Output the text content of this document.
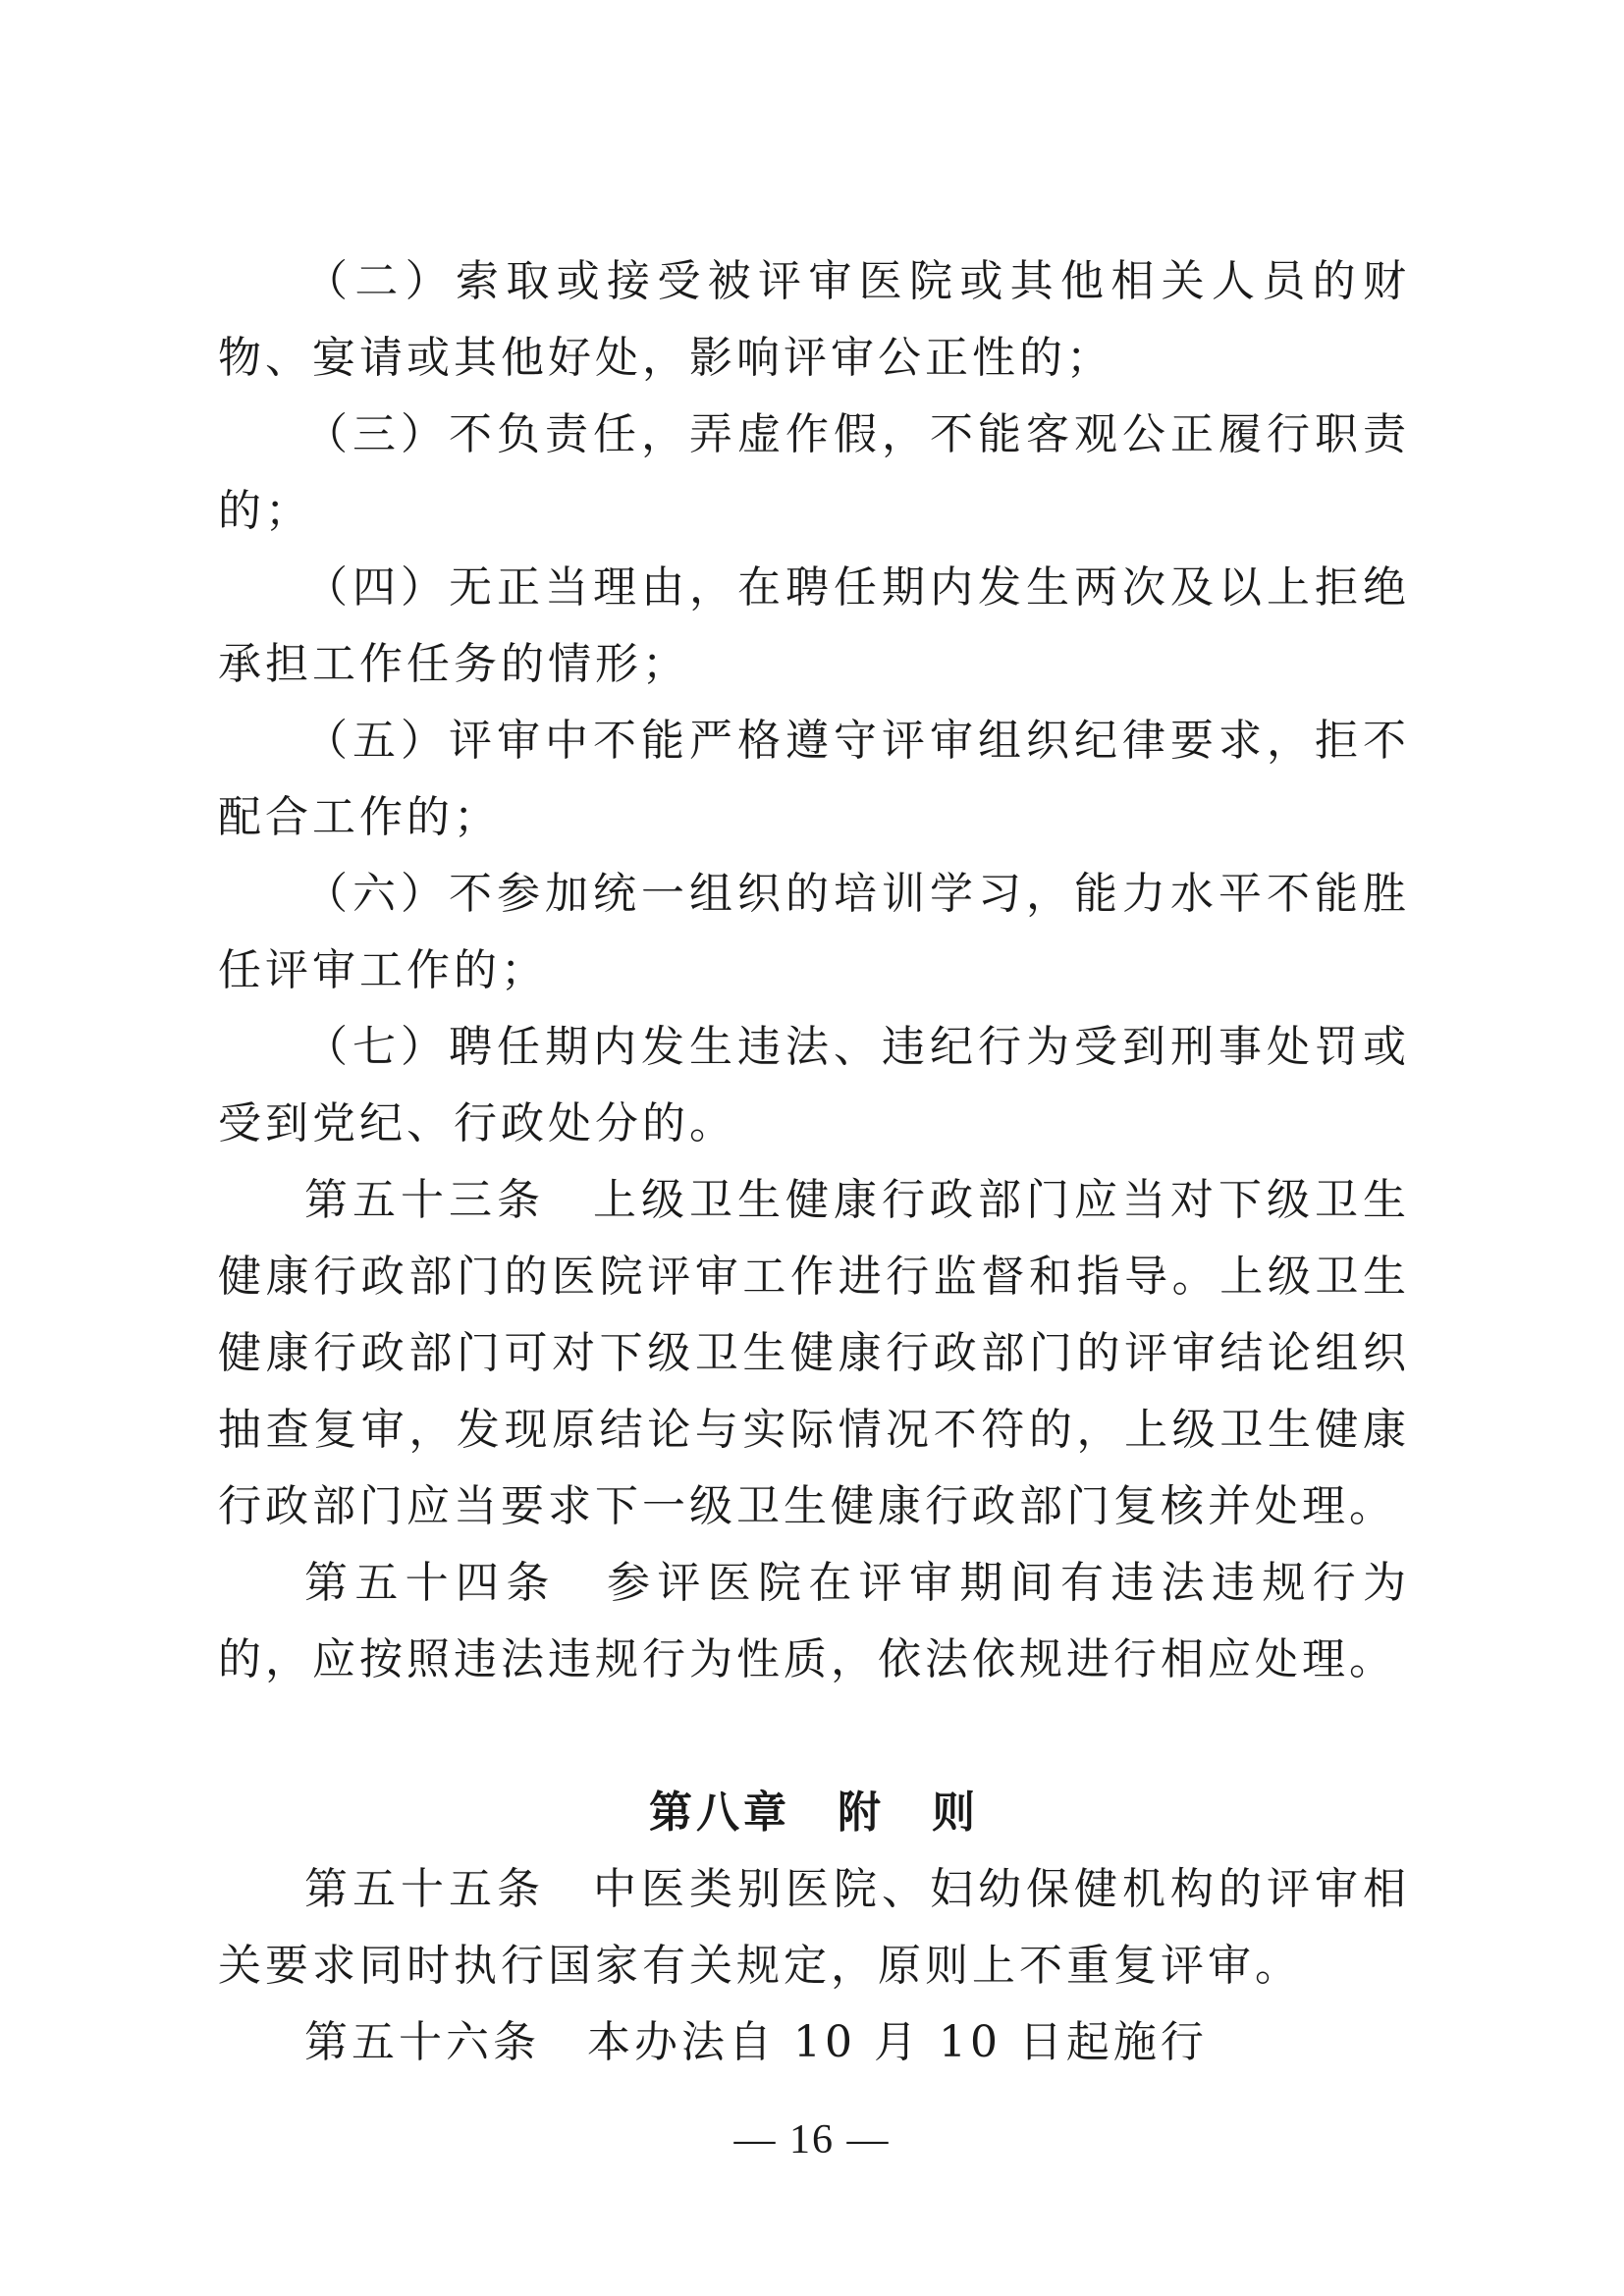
（二）索取或接受被评审医院或其他相关人员的财物、宴请或其他好处，影响评审公正性的；

（三）不负责任，弄虚作假，不能客观公正履行职责的；

（四）无正当理由，在聘任期内发生两次及以上拒绝承担工作任务的情形；

（五）评审中不能严格遵守评审组织纪律要求，拒不配合工作的；

（六）不参加统一组织的培训学习，能力水平不能胜任评审工作的；

（七）聘任期内发生违法、违纪行为受到刑事处罚或受到党纪、行政处分的。

第五十三条　上级卫生健康行政部门应当对下级卫生健康行政部门的医院评审工作进行监督和指导。上级卫生健康行政部门可对下级卫生健康行政部门的评审结论组织抽查复审，发现原结论与实际情况不符的，上级卫生健康行政部门应当要求下一级卫生健康行政部门复核并处理。

第五十四条　参评医院在评审期间有违法违规行为的，应按照违法违规行为性质，依法依规进行相应处理。

第八章　附　则

第五十五条　中医类别医院、妇幼保健机构的评审相关要求同时执行国家有关规定，原则上不重复评审。

第五十六条　本办法自 10 月 10 日起施行

— 16 —
